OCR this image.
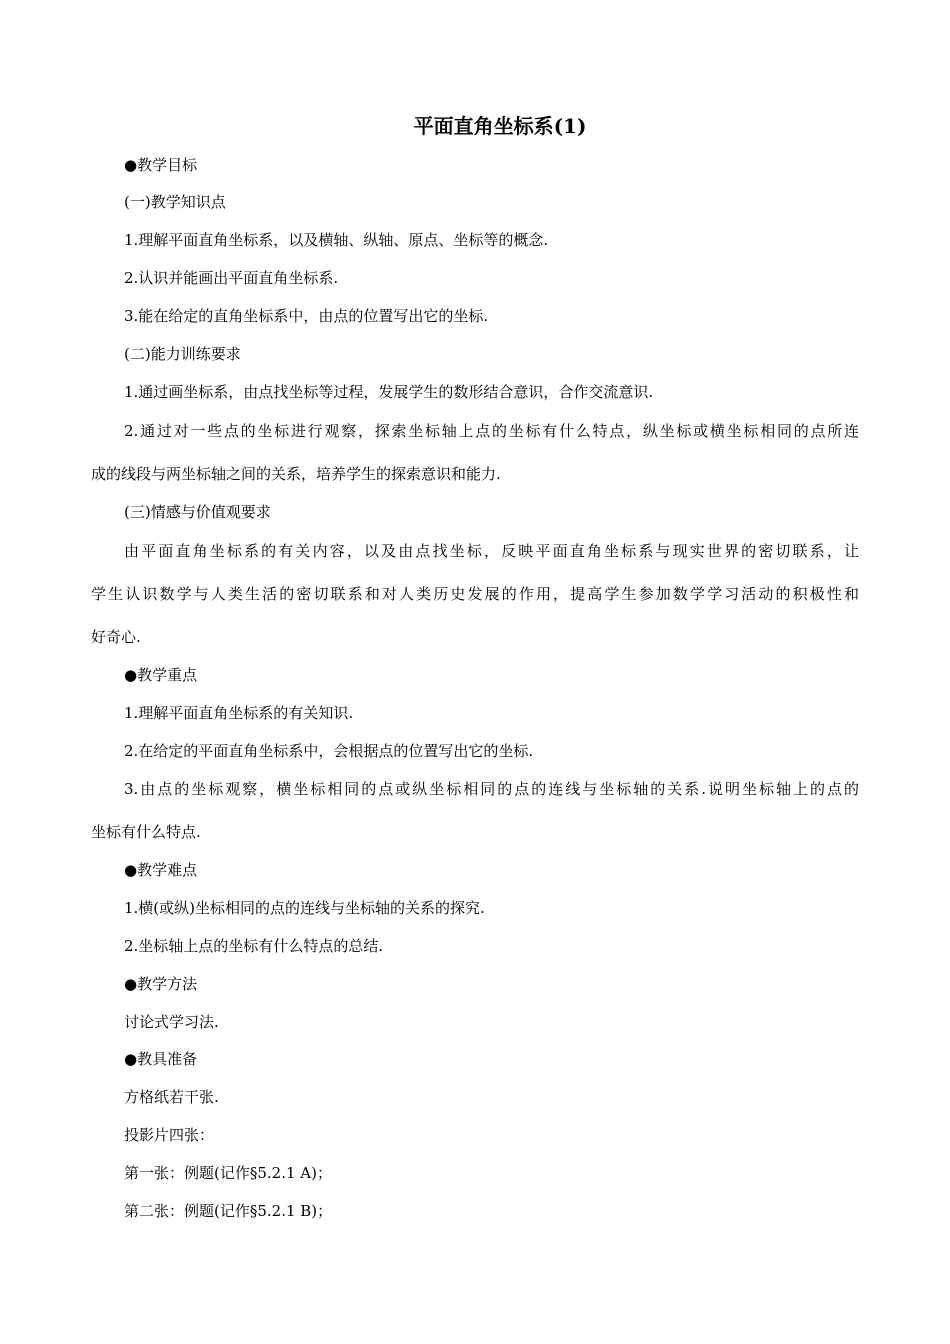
平面直角坐标系(1)
●教学目标
(一)教学知识点
1.理解平面直角坐标系，以及横轴、纵轴、原点、坐标等的概念.
2.认识并能画出平面直角坐标系.
3.能在给定的直角坐标系中，由点的位置写出它的坐标.
(二)能力训练要求
1.通过画坐标系，由点找坐标等过程，发展学生的数形结合意识，合作交流意识.
2.通过对一些点的坐标进行观察，探索坐标轴上点的坐标有什么特点，纵坐标或横坐标相同的点所连
成的线段与两坐标轴之间的关系，培养学生的探索意识和能力.
(三)情感与价值观要求
由平面直角坐标系的有关内容，以及由点找坐标，反映平面直角坐标系与现实世界的密切联系，让
学生认识数学与人类生活的密切联系和对人类历史发展的作用，提高学生参加数学学习活动的积极性和
好奇心.
●教学重点
1.理解平面直角坐标系的有关知识.
2.在给定的平面直角坐标系中，会根据点的位置写出它的坐标.
3.由点的坐标观察，横坐标相同的点或纵坐标相同的点的连线与坐标轴的关系.说明坐标轴上的点的
坐标有什么特点.
●教学难点
1.横(或纵)坐标相同的点的连线与坐标轴的关系的探究.
2.坐标轴上点的坐标有什么特点的总结.
●教学方法
讨论式学习法.
●教具准备
方格纸若干张.
投影片四张：
第一张：例题(记作§5.2.1 A)；
第二张：例题(记作§5.2.1 B)；
